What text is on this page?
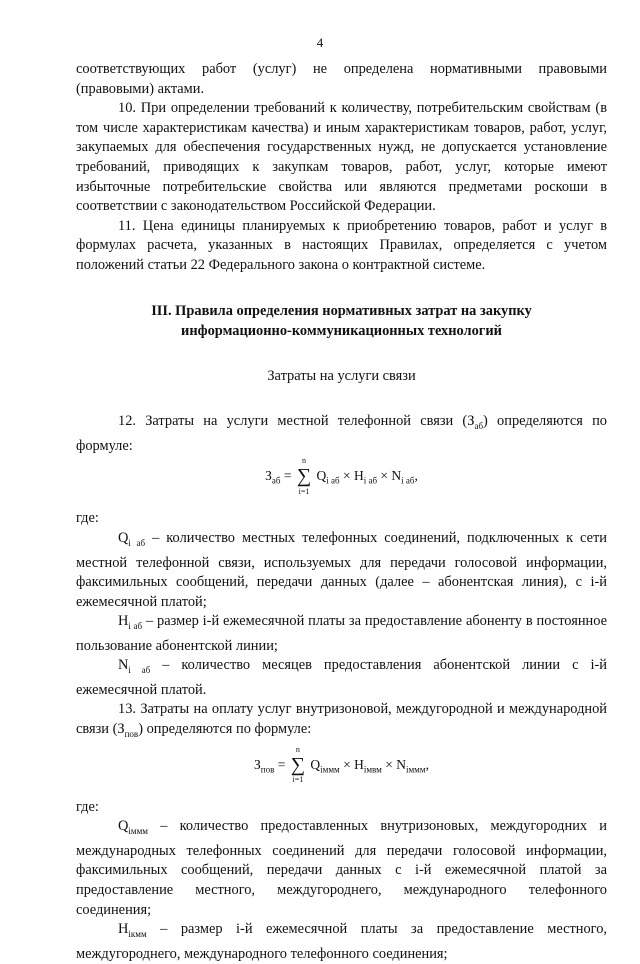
4

соответствующих работ (услуг) не определена нормативными правовыми (правовыми) актами.

10. При определении требований к количеству, потребительским свойствам (в том числе характеристикам качества) и иным характеристикам товаров, работ, услуг, закупаемых для обеспечения государственных нужд, не допускается установление требований, приводящих к закупкам товаров, работ, услуг, которые имеют избыточные потребительские свойства или являются предметами роскоши в соответствии с законодательством Российской Федерации.

11. Цена единицы планируемых к приобретению товаров, работ и услуг в формулах расчета, указанных в настоящих Правилах, определяется с учетом положений статьи 22 Федерального закона о контрактной системе.

III. Правила определения нормативных затрат на закупку
информационно-коммуникационных технологий
Затраты на услуги связи

12. Затраты на услуги местной телефонной связи $(З_{аб})$ определяются по формуле:

$З_{аб}$ =
n
∑
i=1
$Q_{i аб} \times H_{i аб} \times N_{i аб}$,

где:

$Q_{i аб}$ – количество местных телефонных соединений, подключенных к сети местной телефонной связи, используемых для передачи голосовой информации, факсимильных сообщений, передачи данных (далее – абонентская линия), с i-й ежемесячной платой;

$H_{i аб}$ – размер i-й ежемесячной платы за предоставление абоненту в постоянное пользование абонентской линии;

$N_{i аб}$ – количество месяцев предоставления абонентской линии с i-й ежемесячной платой.

13. Затраты на оплату услуг внутризоновой, междугородной и международной связи $(З_{пов})$ определяются по формуле:

$З_{пов}$ =
n
∑
i=1
$Q_{iммм} \times H_{iмвм} \times N_{iммм}$,

где:

$Q_{iммм}$ – количество предоставленных внутризоновых, междугородних и международных телефонных соединений для передачи голосовой информации, факсимильных сообщений, передачи данных с i-й ежемесячной платой за предоставление местного, междугороднего, международного телефонного соединения;

$H_{iкмм}$ – размер i-й ежемесячной платы за предоставление местного, междугороднего, международного телефонного соединения;
